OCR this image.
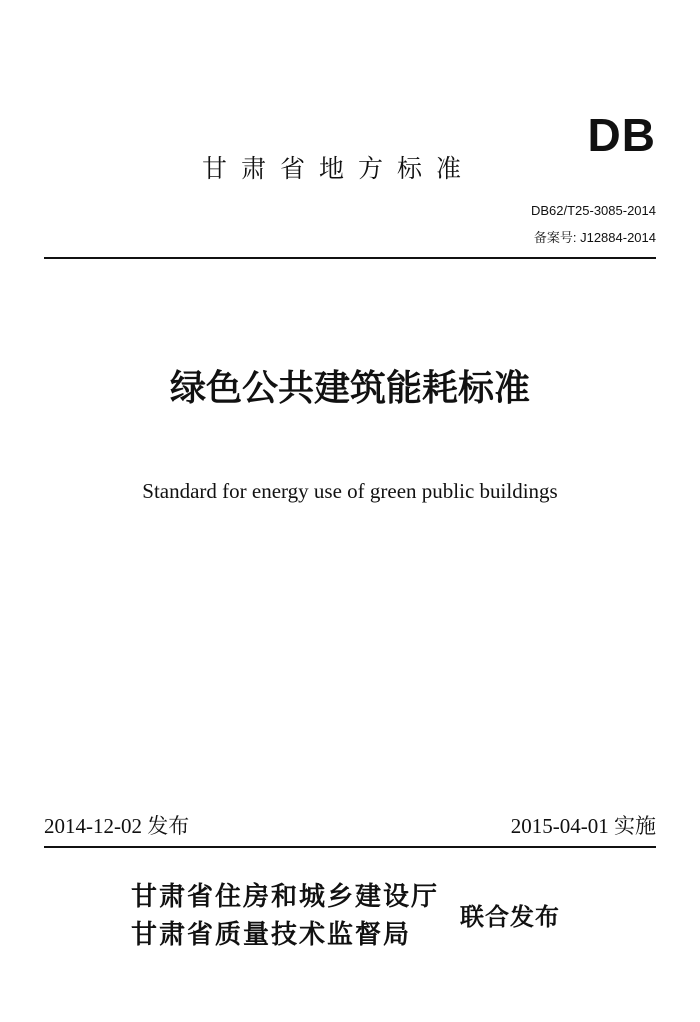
DB
甘肃省地方标准
DB62/T25-3085-2014
备案号: J12884-2014
绿色公共建筑能耗标准
Standard for energy use of green public buildings
2014-12-02 发布	2015-04-01 实施
甘肃省住房和城乡建设厅
甘肃省质量技术监督局
联合发布
